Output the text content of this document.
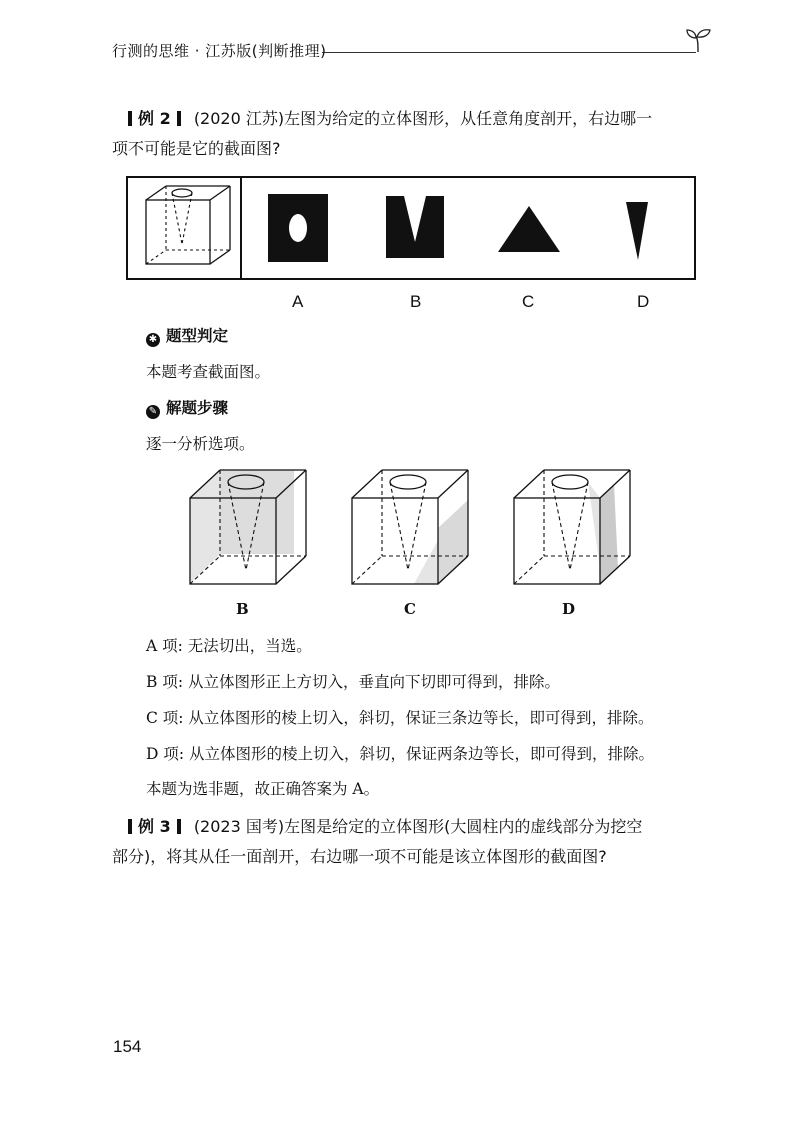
行测的思维 · 江苏版(判断推理)
例 2 (2020 江苏)左图为给定的立体图形，从任意角度剖开，右边哪一
项不可能是它的截面图?
A	B	C	D
✱ 题型判定
本题考查截面图。
✎ 解题步骤
逐一分析选项。
B	C	D
A 项: 无法切出，当选。
B 项: 从立体图形正上方切入，垂直向下切即可得到，排除。
C 项: 从立体图形的棱上切入，斜切，保证三条边等长，即可得到，排除。
D 项: 从立体图形的棱上切入，斜切，保证两条边等长，即可得到，排除。
本题为选非题，故正确答案为 A。
例 3 (2023 国考)左图是给定的立体图形(大圆柱内的虚线部分为挖空
部分)，将其从任一面剖开，右边哪一项不可能是该立体图形的截面图?
154
